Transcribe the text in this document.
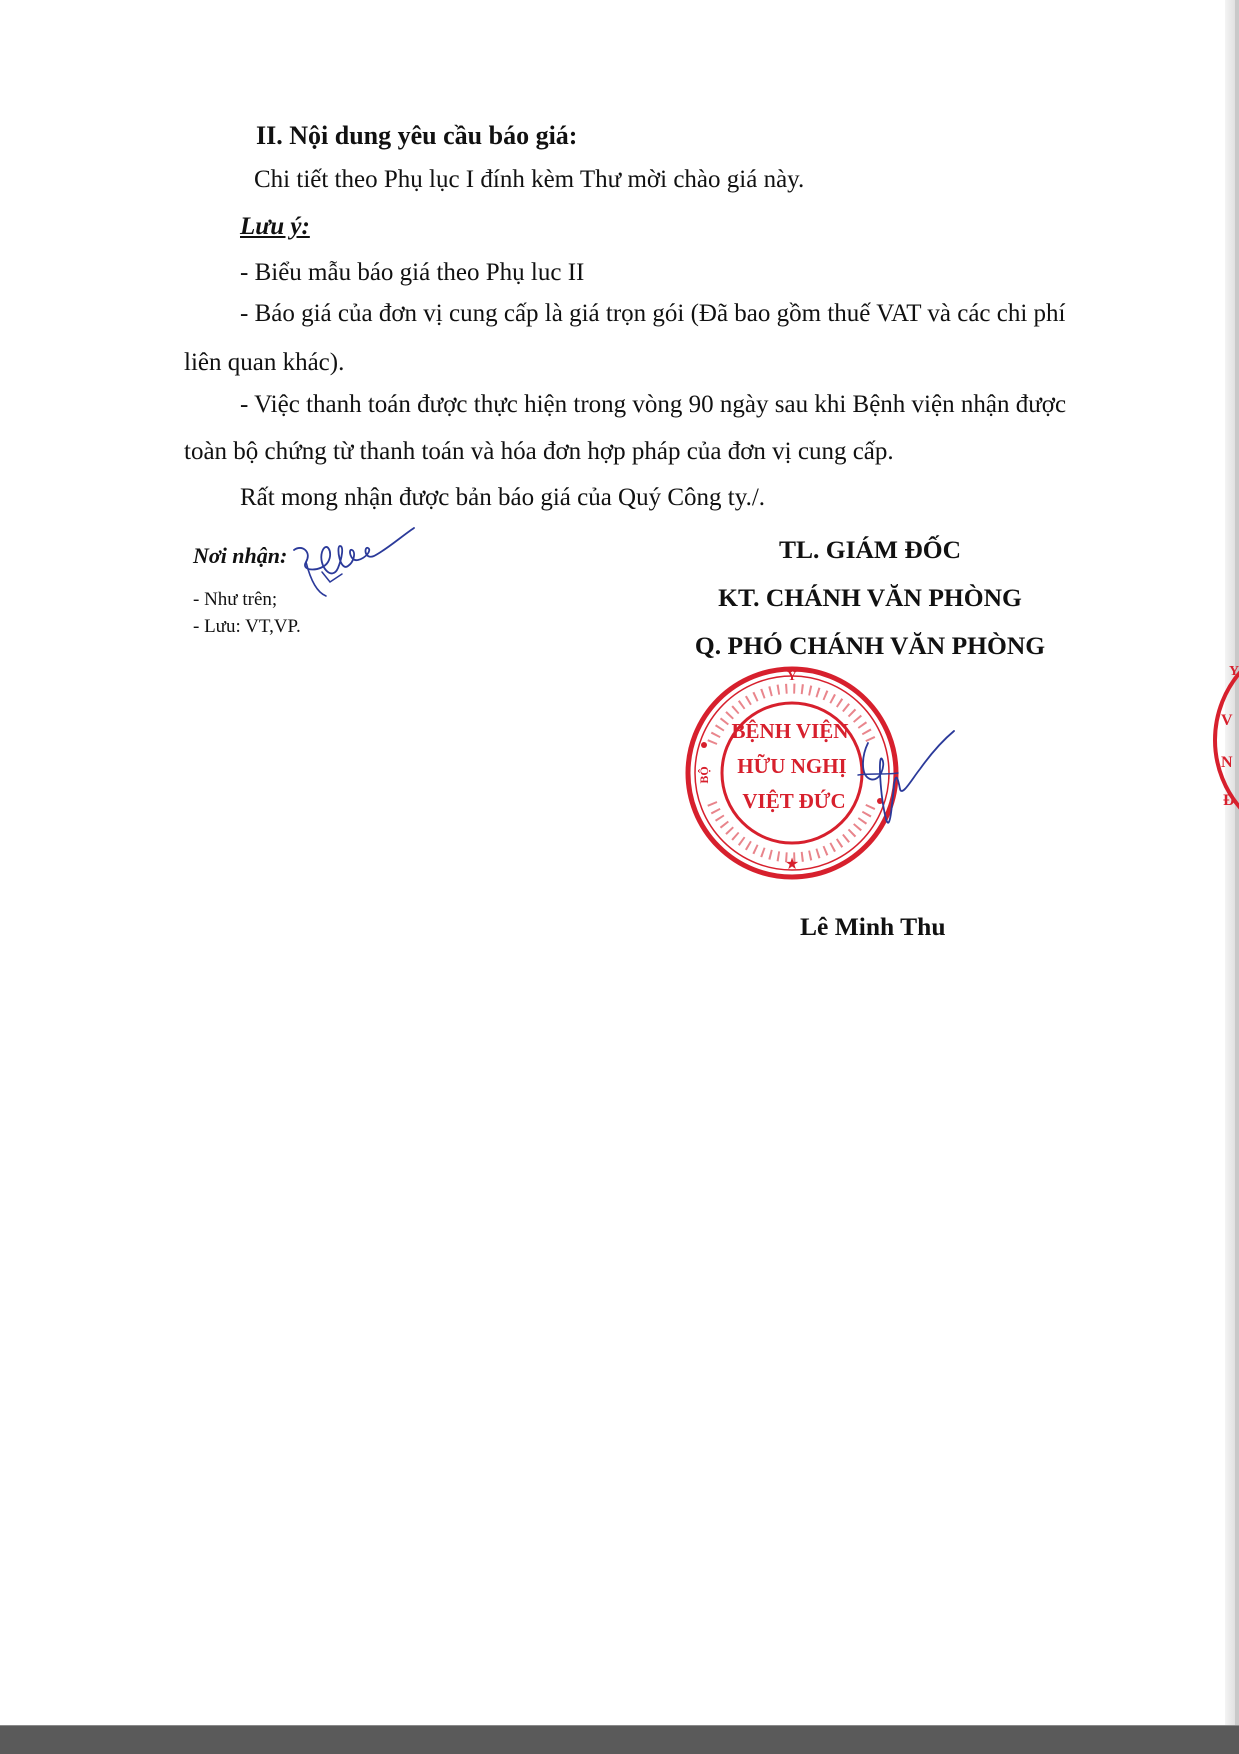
II. Nội dung yêu cầu báo giá:
Chi tiết theo Phụ lục I đính kèm Thư mời chào giá này.
Lưu ý:
- Biểu mẫu báo giá theo Phụ luc II
- Báo giá của đơn vị cung cấp là giá trọn gói (Đã bao gồm thuế VAT và các chi phí
liên quan khác).
- Việc thanh toán được thực hiện trong vòng 90 ngày sau khi Bệnh viện nhận được
toàn bộ chứng từ thanh toán và hóa đơn hợp pháp của đơn vị cung cấp.
Rất mong nhận được bản báo giá của Quý Công ty./.
Nơi nhận:
- Như trên;
- Lưu: VT,VP.
TL. GIÁM ĐỐC
KT. CHÁNH VĂN PHÒNG
Q. PHÓ CHÁNH VĂN PHÒNG
Y
BỘ
BỆNH VIỆN
HỮU NGHỊ
VIỆT ĐỨC
★
Lê Minh Thu
Y
V
N
Đ
